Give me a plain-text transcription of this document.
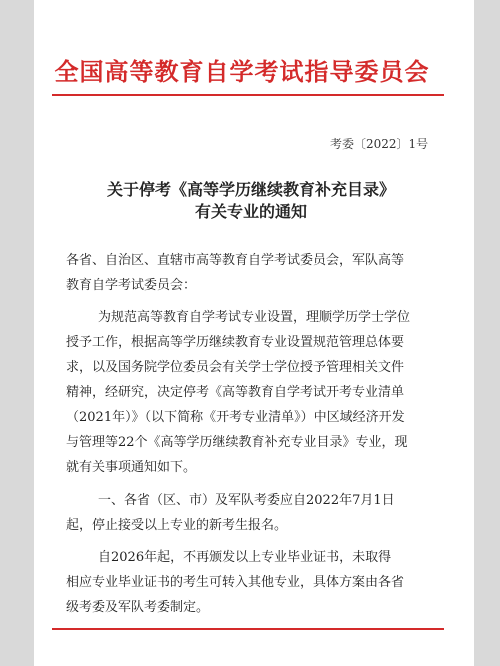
全国高等教育自学考试指导委员会
考委〔2022〕1号
关于停考《高等学历继续教育补充目录》
有关专业的通知
各省、自治区、直辖市高等教育自学考试委员会，军队高等
教育自学考试委员会：
为规范高等教育自学考试专业设置，理顺学历学士学位
授予工作，根据高等学历继续教育专业设置规范管理总体要
求，以及国务院学位委员会有关学士学位授予管理相关文件
精神，经研究，决定停考《高等教育自学考试开考专业清单
（2021年）》（以下简称《开考专业清单》）中区域经济开发
与管理等22个《高等学历继续教育补充专业目录》专业，现
就有关事项通知如下。
一、各省（区、市）及军队考委应自2022年7月1日
起，停止接受以上专业的新考生报名。
自2026年起，不再颁发以上专业毕业证书，未取得
相应专业毕业证书的考生可转入其他专业，具体方案由各省
级考委及军队考委制定。
